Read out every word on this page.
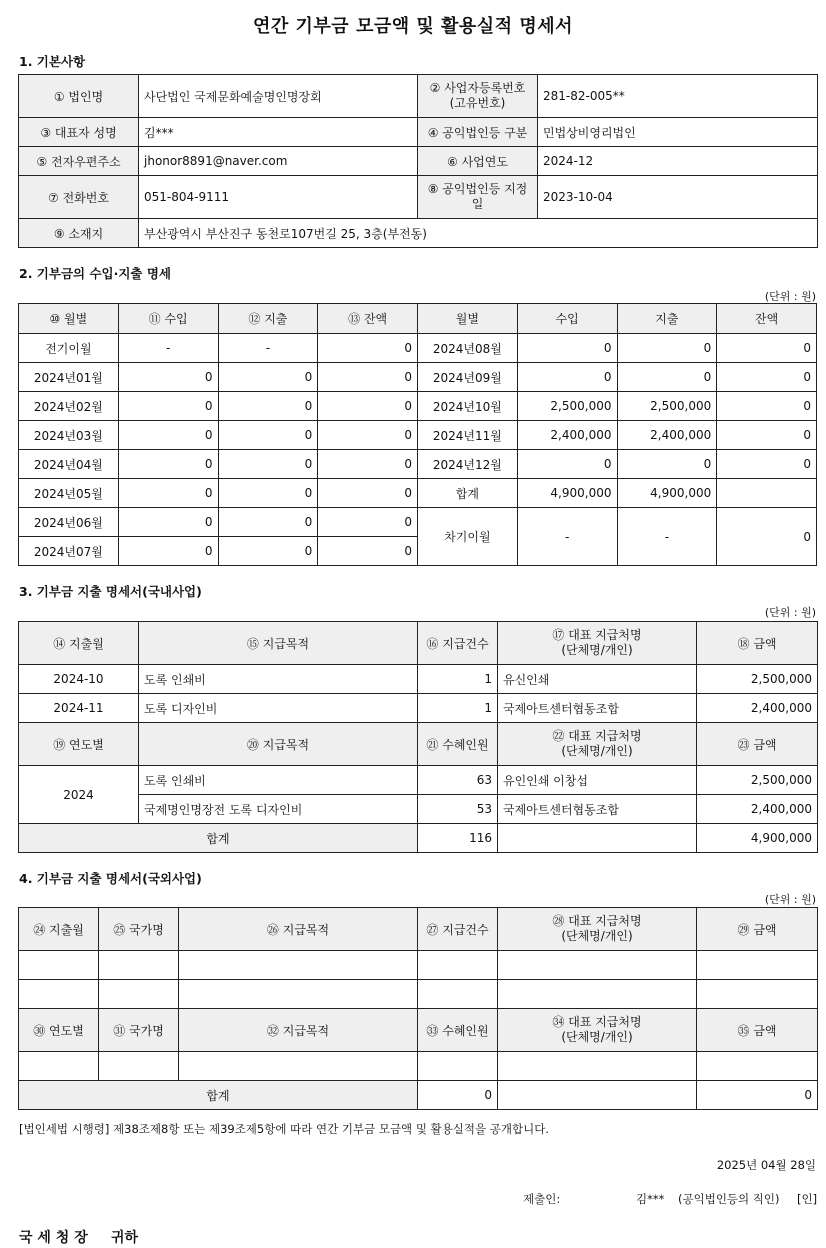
연간 기부금 모금액 및 활용실적 명세서
1. 기본사항
① 법인명	사단법인 국제문화예술명인명장회	② 사업자등록번호
(고유번호)	281-82-005**
③ 대표자 성명	김***	④ 공익법인등 구분	민법상비영리법인
⑤ 전자우편주소	jhonor8891@naver.com	⑥ 사업연도	2024-12
⑦ 전화번호	051-804-9111	⑧ 공익법인등 지정
일	2023-10-04
⑨ 소재지	부산광역시 부산진구 동천로107번길 25, 3층(부전동)		
2. 기부금의 수입·지출 명세
(단위 : 원)
⑩ 월별	⑪ 수입	⑫ 지출	⑬ 잔액	월별	수입	지출	잔액
전기이월	-	-	0	2024년08월	0	0	0
2024년01월	0	0	0	2024년09월	0	0	0
2024년02월	0	0	0	2024년10월	2,500,000	2,500,000	0
2024년03월	0	0	0	2024년11월	2,400,000	2,400,000	0
2024년04월	0	0	0	2024년12월	0	0	0
2024년05월	0	0	0	합계	4,900,000	4,900,000	
2024년06월	0	0	0	차기이월	-	-	0
2024년07월	0	0	0				
3. 기부금 지출 명세서(국내사업)
(단위 : 원)
⑭ 지출월	⑮ 지급목적	⑯ 지급건수	⑰ 대표 지급처명
(단체명/개인)	⑱ 금액
2024-10	도록 인쇄비	1	유신인쇄	2,500,000
2024-11	도록 디자인비	1	국제아트센터협동조합	2,400,000
⑲ 연도별	⑳ 지급목적	㉑ 수혜인원	㉒ 대표 지급처명
(단체명/개인)	㉓ 금액
2024	도록 인쇄비	63	유인인쇄 이창섭	2,500,000
	국제명인명장전 도록 디자인비	53	국제아트센터협동조합	2,400,000
합계		116		4,900,000
4. 기부금 지출 명세서(국외사업)
(단위 : 원)
㉔ 지출월	㉕ 국가명	㉖ 지급목적	㉗ 지급건수	㉘ 대표 지급처명
(단체명/개인)	㉙ 금액

㉚ 연도별	㉛ 국가명	㉜ 지급목적	㉝ 수혜인원	㉞ 대표 지급처명
(단체명/개인)	㉟ 금액

합계			0		0
[법인세법 시행령] 제38조제8항 또는 제39조제5항에 따라 연간 기부금 모금액 및 활용실적을 공개합니다.
2025년 04월 28일
제출인:	김*** (공익법인등의 직인) [인]
국 세 청 장 귀하
